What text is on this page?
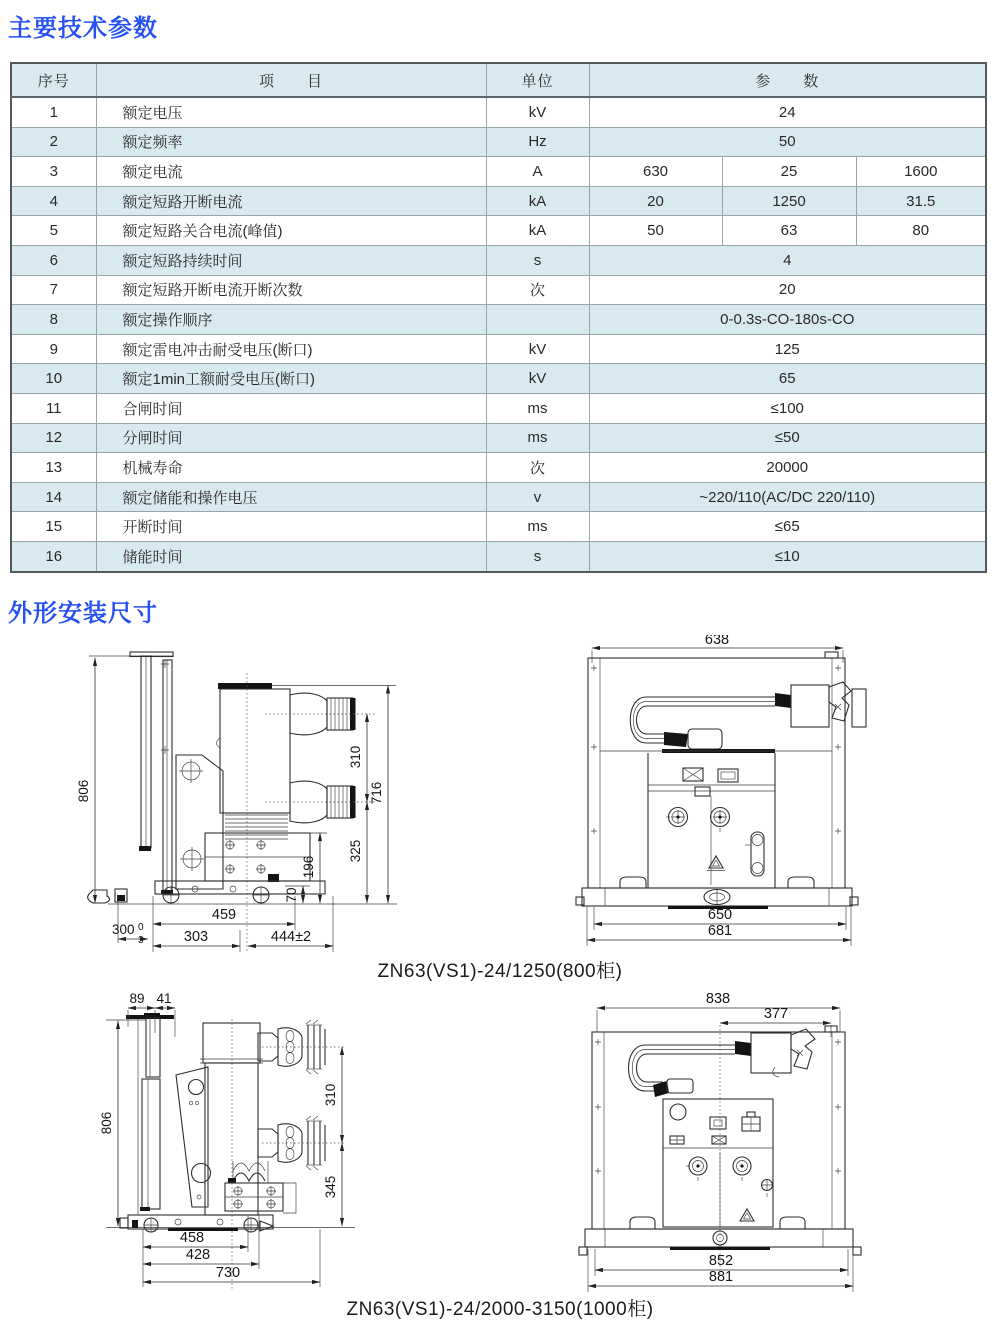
主要技术参数
序号	项　　目	单位	参　　数		
1	额定电压	kV	24		
2	额定频率	Hz	50		
3	额定电流	A	630	25	1600
4	额定短路开断电流	kA	20	1250	31.5
5	额定短路关合电流(峰值)	kA	50	63	80
6	额定短路持续时间	s	4		
7	额定短路开断电流开断次数	次	20		
8	额定操作顺序		0-0.3s-CO-180s-CO		
9	额定雷电冲击耐受电压(断口)	kV	125		
10	额定1min工额耐受电压(断口)	kV	65		
11	合闸时间	ms	≤100		
12	分闸时间	ms	≤50		
13	机械寿命	次	20000		
14	额定储能和操作电压	v	~220/110(AC/DC 220/110)		
15	开断时间	ms	≤65		
16	储能时间	s	≤10		
外形安装尺寸
806
310
716
325
196
70
300 0
3
459
303	444±2
638
650
681
ZN63(VS1)-24/1250(800柜)
89 41
806
310
345
458
428
730
838
377
852
881
ZN63(VS1)-24/2000-3150(1000柜)
